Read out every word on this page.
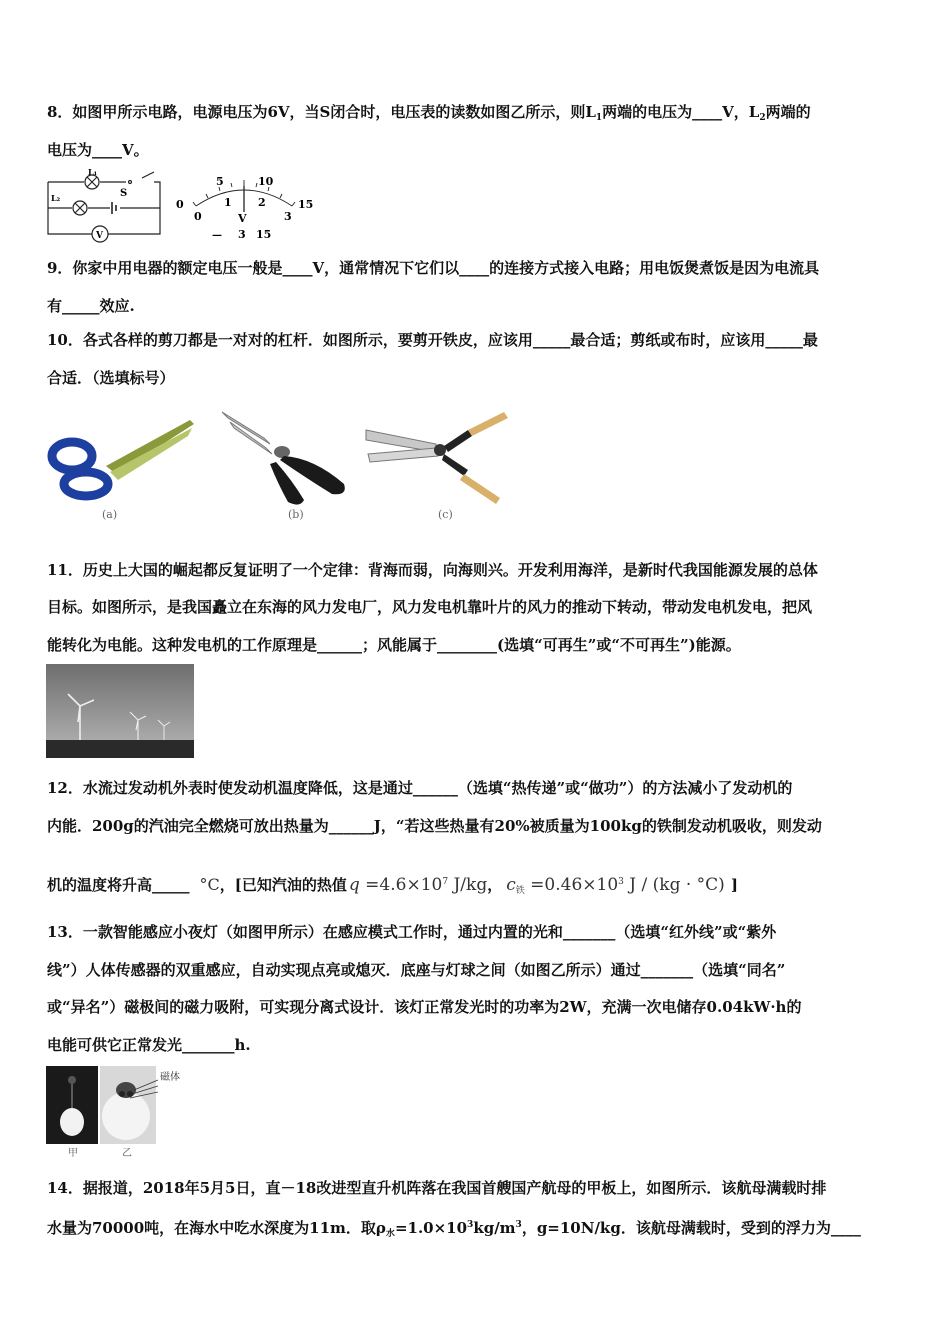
8．如图甲所示电路，电源电压为6V，当S闭合时，电压表的读数如图乙所示，则$L_1$两端的电压为____V，$L_2$两端的
电压为____V。
L₁
L₂	S
V
0
5	10
15
0
1 2
3
V
— 3 15
9．你家中用电器的额定电压一般是____V，通常情况下它们以____的连接方式接入电路；用电饭煲煮饭是因为电流具
有_____效应.
10．各式各样的剪刀都是一对对的杠杆．如图所示，要剪开铁皮，应该用_____最合适；剪纸或布时，应该用_____最
合适．（选填标号）
(a)	(b)	(c)
11．历史上大国的崛起都反复证明了一个定律：背海而弱，向海则兴。开发利用海洋，是新时代我国能源发展的总体
目标。如图所示，是我国矗立在东海的风力发电厂，风力发电机靠叶片的风力的推动下转动，带动发电机发电，把风
能转化为电能。这种发电机的工作原理是______；风能属于________(选填“可再生”或“不可再生”)能源。
12．水流过发动机外表时使发动机温度降低，这是通过______（选填“热传递”或“做功”）的方法减小了发动机的
内能．200g的汽油完全燃烧可放出热量为______J，“若这些热量有20%被质量为100kg的铁制发动机吸收，则发动
机的温度将升高_____ °C，[已知汽油的热值 $q =4.6\times 10^7$ J/kg， $c_铁 =0.46\times 10^3$ J / (kg · °C) ]
13．一款智能感应小夜灯（如图甲所示）在感应模式工作时，通过内置的光和_______（选填“红外线”或“紫外
线”）人体传感器的双重感应，自动实现点亮或熄灭．底座与灯球之间（如图乙所示）通过_______（选填“同名”
或“异名”）磁极间的磁力吸附，可实现分离式设计．该灯正常发光时的功率为2W，充满一次电储存0.04kW·h的
电能可供它正常发光_______h.
磁体
甲	乙
14．据报道，2018年5月5日，直－18改进型直升机阵落在我国首艘国产航母的甲板上，如图所示．该航母满载时排
水量为70000吨，在海水中吃水深度为11m．取$\rho_水=1.0\times 10^3kg/m^3$，g=10N/kg．该航母满载时，受到的浮力为____
